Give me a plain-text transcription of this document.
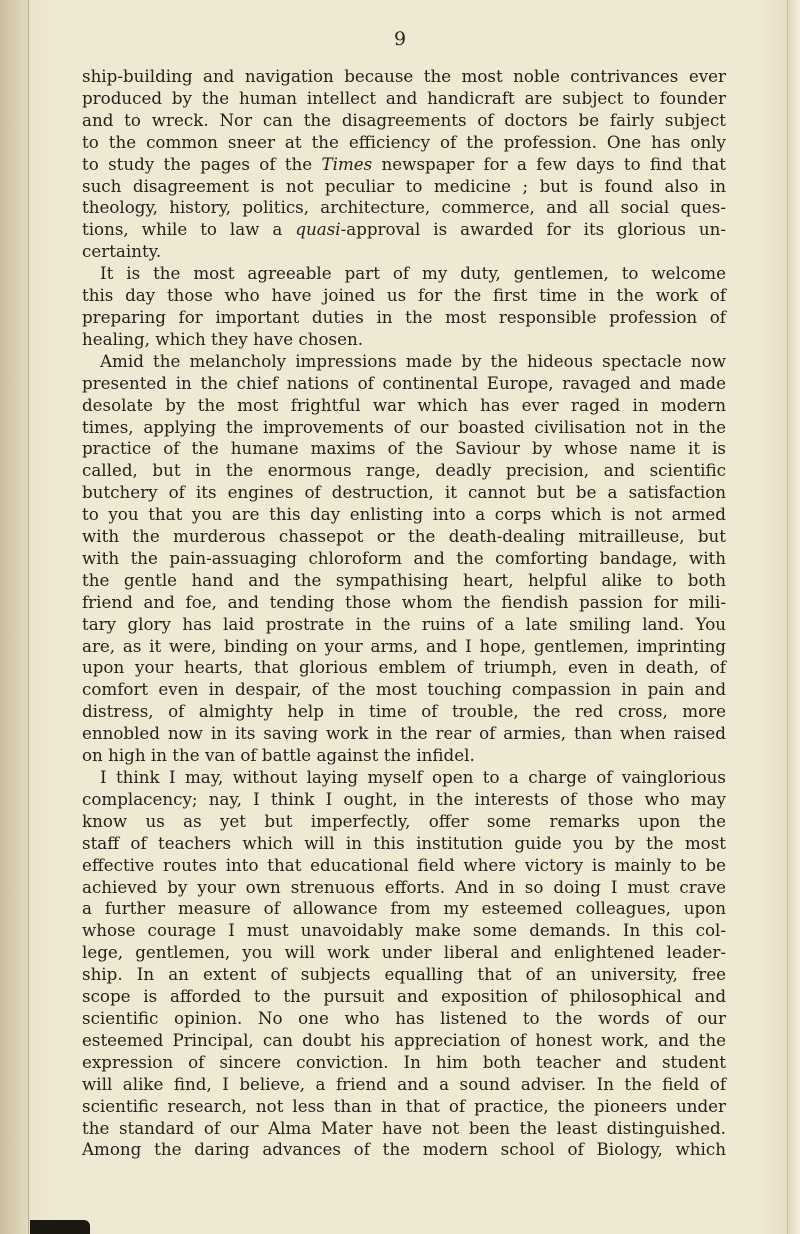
9
ship-building and navigation because the most noble contrivances ever
produced by the human intellect and handicraft are subject to founder
and to wreck. Nor can the disagreements of doctors be fairly subject
to the common sneer at the efficiency of the profession. One has only
to study the pages of the Times newspaper for a few days to find that
such disagreement is not peculiar to medicine ; but is found also in
theology, history, politics, architecture, commerce, and all social ques-
tions, while to law a quasi-approval is awarded for its glorious un-
certainty.
It is the most agreeable part of my duty, gentlemen, to welcome
this day those who have joined us for the first time in the work of
preparing for important duties in the most responsible profession of
healing, which they have chosen.
Amid the melancholy impressions made by the hideous spectacle now
presented in the chief nations of continental Europe, ravaged and made
desolate by the most frightful war which has ever raged in modern
times, applying the improvements of our boasted civilisation not in the
practice of the humane maxims of the Saviour by whose name it is
called, but in the enormous range, deadly precision, and scientific
butchery of its engines of destruction, it cannot but be a satisfaction
to you that you are this day enlisting into a corps which is not armed
with the murderous chassepot or the death-dealing mitrailleuse, but
with the pain-assuaging chloroform and the comforting bandage, with
the gentle hand and the sympathising heart, helpful alike to both
friend and foe, and tending those whom the fiendish passion for mili-
tary glory has laid prostrate in the ruins of a late smiling land. You
are, as it were, binding on your arms, and I hope, gentlemen, imprinting
upon your hearts, that glorious emblem of triumph, even in death, of
comfort even in despair, of the most touching compassion in pain and
distress, of almighty help in time of trouble, the red cross, more
ennobled now in its saving work in the rear of armies, than when raised
on high in the van of battle against the infidel.
I think I may, without laying myself open to a charge of vainglorious
complacency; nay, I think I ought, in the interests of those who may
know us as yet but imperfectly, offer some remarks upon the
staff of teachers which will in this institution guide you by the most
effective routes into that educational field where victory is mainly to be
achieved by your own strenuous efforts. And in so doing I must crave
a further measure of allowance from my esteemed colleagues, upon
whose courage I must unavoidably make some demands. In this col-
lege, gentlemen, you will work under liberal and enlightened leader-
ship. In an extent of subjects equalling that of an university, free
scope is afforded to the pursuit and exposition of philosophical and
scientific opinion. No one who has listened to the words of our
esteemed Principal, can doubt his appreciation of honest work, and the
expression of sincere conviction. In him both teacher and student
will alike find, I believe, a friend and a sound adviser. In the field of
scientific research, not less than in that of practice, the pioneers under
the standard of our Alma Mater have not been the least distinguished.
Among the daring advances of the modern school of Biology, which
